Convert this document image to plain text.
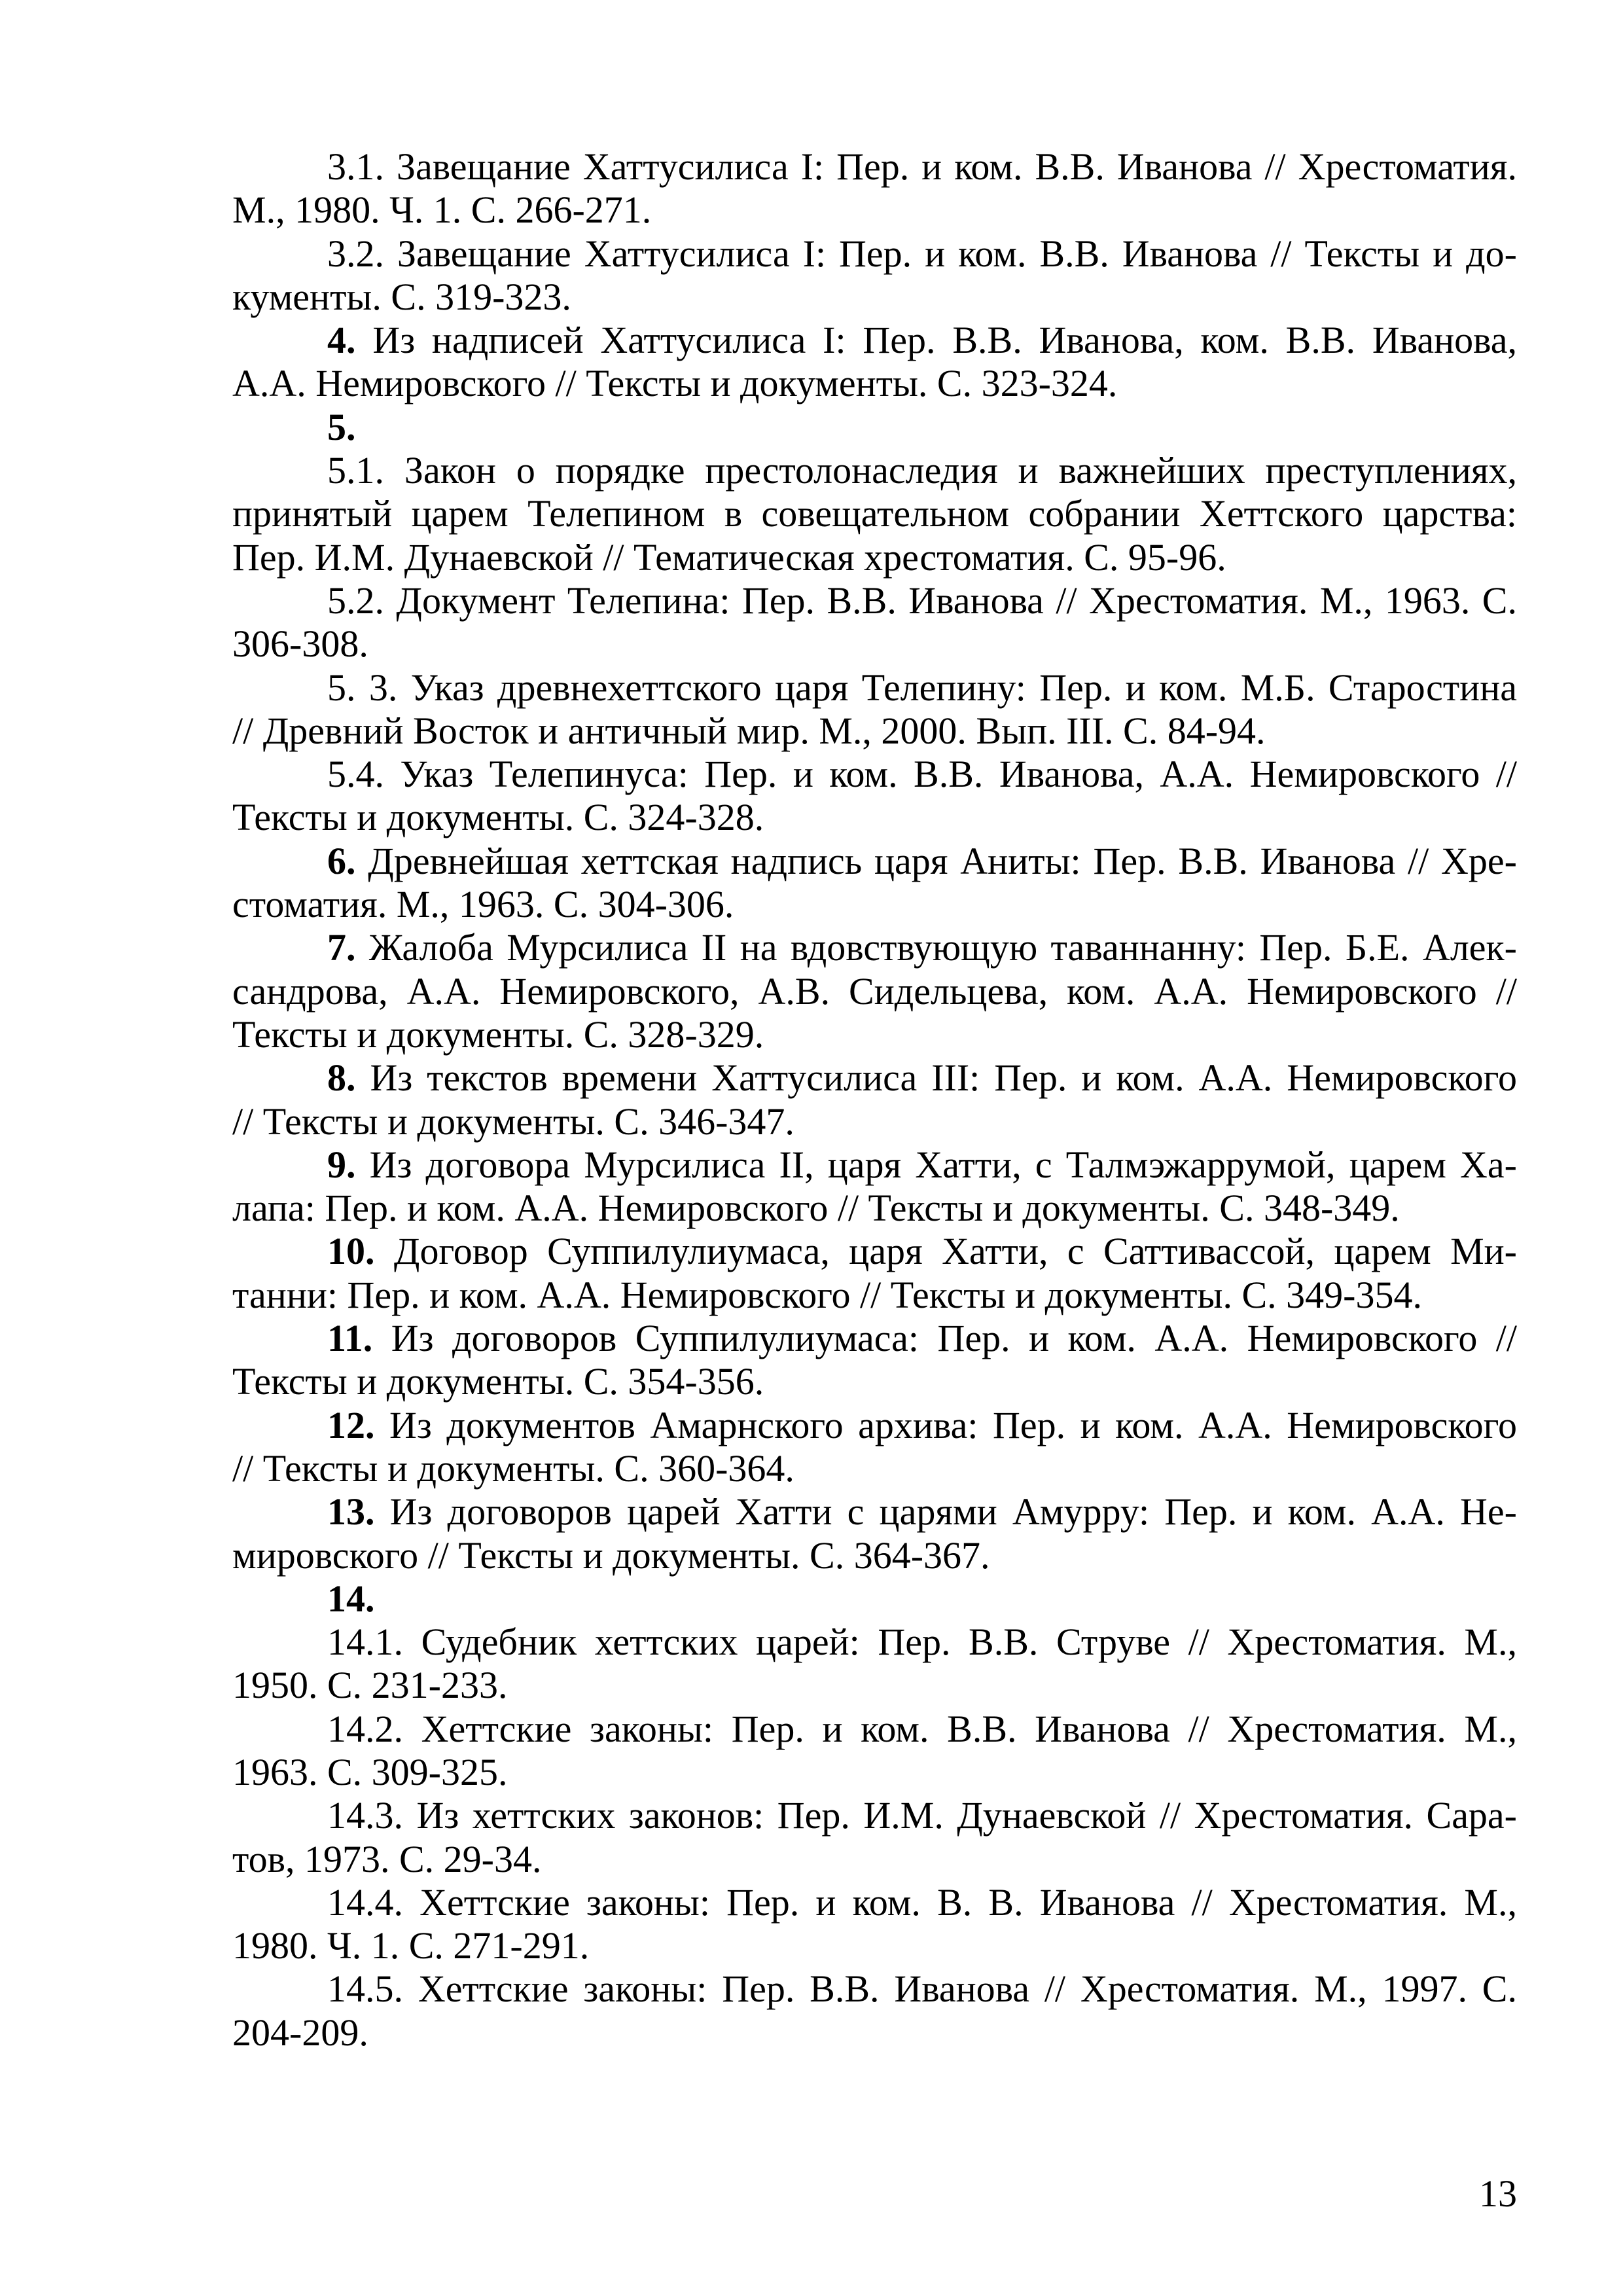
3.1. Завещание Хаттусилиса I: Пер. и ком. В.В. Иванова // Хрестоматия.
М., 1980. Ч. 1. С. 266-271.
3.2. Завещание Хаттусилиса I: Пер. и ком. В.В. Иванова // Тексты и до-
кументы. С. 319-323.
4. Из надписей Хаттусилиса I: Пер. В.В. Иванова, ком. В.В. Иванова,
А.А. Немировского // Тексты и документы. С. 323-324.
5.
5.1. Закон о порядке престолонаследия и важнейших преступлениях,
принятый царем Телепином в совещательном собрании Хеттского царства:
Пер. И.М. Дунаевской // Тематическая хрестоматия. С. 95-96.
5.2. Документ Телепина: Пер. В.В. Иванова // Хрестоматия. М., 1963. С.
306-308.
5. 3. Указ древнехеттского царя Телепину: Пер. и ком. М.Б. Старостина
// Древний Восток и античный мир. М., 2000. Вып. III. С. 84-94.
5.4. Указ Телепинуса: Пер. и ком. В.В. Иванова, А.А. Немировского //
Тексты и документы. С. 324-328.
6. Древнейшая хеттская надпись царя Аниты: Пер. В.В. Иванова // Хре-
стоматия. М., 1963. С. 304-306.
7. Жалоба Мурсилиса II на вдовствующую таваннанну: Пер. Б.Е. Алек-
сандрова, А.А. Немировского, А.В. Сидельцева, ком. А.А. Немировского //
Тексты и документы. С. 328-329.
8. Из текстов времени Хаттусилиса III: Пер. и ком. А.А. Немировского
// Тексты и документы. С. 346-347.
9. Из договора Мурсилиса II, царя Хатти, с Талмэжаррумой, царем Ха-
лапа: Пер. и ком. А.А. Немировского // Тексты и документы. С. 348-349.
10. Договор Суппилулиумаса, царя Хатти, с Саттивассой, царем Ми-
танни: Пер. и ком. А.А. Немировского // Тексты и документы. С. 349-354.
11. Из договоров Суппилулиумаса: Пер. и ком. А.А. Немировского //
Тексты и документы. С. 354-356.
12. Из документов Амарнского архива: Пер. и ком. А.А. Немировского
// Тексты и документы. С. 360-364.
13. Из договоров царей Хатти с царями Амурру: Пер. и ком. А.А. Не-
мировского // Тексты и документы. С. 364-367.
14.
14.1. Судебник хеттских царей: Пер. В.В. Струве // Хрестоматия. М.,
1950. С. 231-233.
14.2. Хеттские законы: Пер. и ком. В.В. Иванова // Хрестоматия. М.,
1963. С. 309-325.
14.3. Из хеттских законов: Пер. И.М. Дунаевской // Хрестоматия. Сара-
тов, 1973. С. 29-34.
14.4. Хеттские законы: Пер. и ком. В. В. Иванова // Хрестоматия. М.,
1980. Ч. 1. С. 271-291.
14.5. Хеттские законы: Пер. В.В. Иванова // Хрестоматия. М., 1997. С.
204-209.
13
